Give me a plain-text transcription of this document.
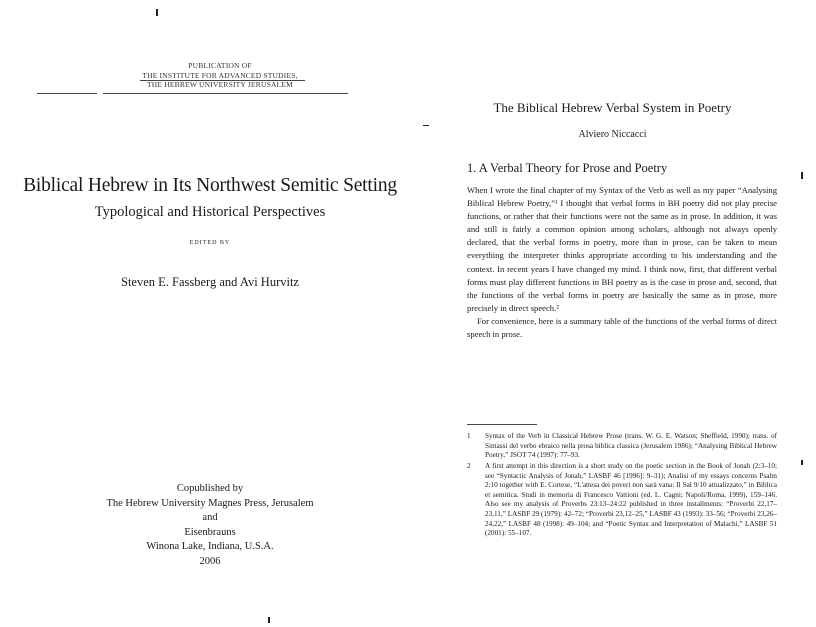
PUBLICATION OF
THE INSTITUTE FOR ADVANCED STUDIES,
THE HEBREW UNIVERSITY JERUSALEM
Biblical Hebrew in Its Northwest Semitic Setting
Typological and Historical Perspectives
EDITED BY
Steven E. Fassberg and Avi Hurvitz
Copublished by
The Hebrew University Magnes Press, Jerusalem
and
Eisenbrauns
Winona Lake, Indiana, U.S.A.
2006
The Biblical Hebrew Verbal System in Poetry
Alviero Niccacci
1. A Verbal Theory for Prose and Poetry

When I wrote the final chapter of my Syntax of the Verb as well as my paper “Analysing Biblical Hebrew Poetry,”¹ I thought that verbal forms in BH poetry did not play precise functions, or rather that their functions were not the same as in prose. In addition, it was and still is fairly a common opinion among scholars, although not always openly declared, that the verbal forms in poetry, more than in prose, can be taken to mean everything the interpreter thinks appropriate according to his understanding and the context. In recent years I have changed my mind. I think now, first, that different verbal forms must play different functions in BH poetry as is the case in prose and, second, that the functions of the verbal forms in poetry are basically the same as in prose, more precisely in direct speech.²

For convenience, here is a summary table of the functions of the verbal forms of direct speech in prose.

1 Syntax of the Verb in Classical Hebrew Prose (trans. W. G. E. Watson; Sheffield, 1990); trans. of Sintassi del verbo ebraico nella prosa biblica classica (Jerusalem 1986); “Analysing Biblical Hebrew Poetry,” JSOT 74 (1997): 77–93.
2 A first attempt in this direction is a short study on the poetic section in the Book of Jonah (2:3–10; see “Syntactic Analysis of Jonah,” LASBF 46 [1996]: 9–31); Analisi of my essays concerns Psalm 2:10 together with E. Cortese, “L'attesa dei poveri non sarà vana: Il Sal 9/10 attualizzato,” in Biblica et semitica. Studi in memoria di Francesco Vattioni (ed. L. Cagni; Napoli/Roma, 1999), 159–146. Also see my analysis of Proverbs 23:13–24:22 published in three installments: “Proverbi 22,17–23,11,” LASBF 29 (1979): 42–72; “Proverbi 23,12–25,” LASBF 43 (1993): 33–56; “Proverbi 23,26–24,22,” LASBF 48 (1998): 49–104; and “Poetic Syntax and Interpretation of Malachi,” LASBF 51 (2001): 55–107.
